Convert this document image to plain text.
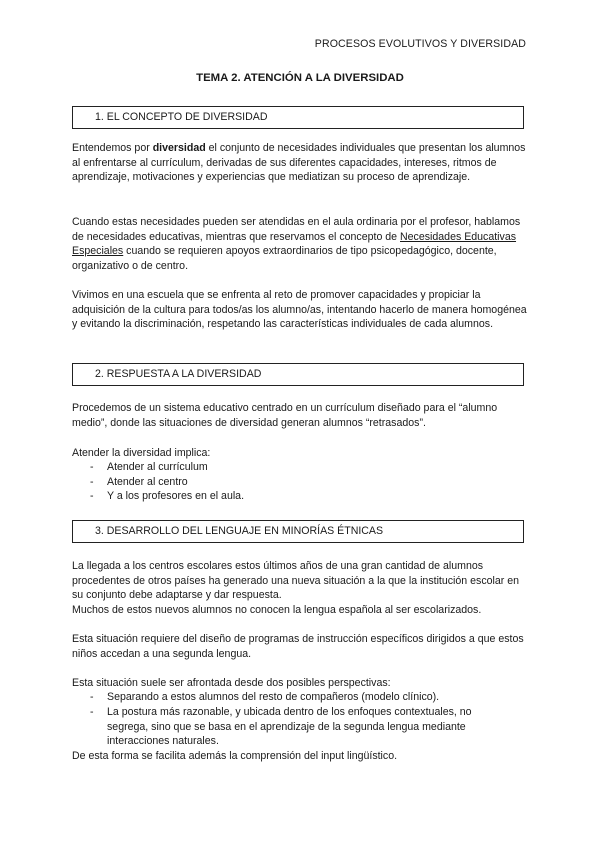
PROCESOS EVOLUTIVOS Y DIVERSIDAD
TEMA 2. ATENCIÓN A LA DIVERSIDAD
1. EL CONCEPTO DE DIVERSIDAD

Entendemos por diversidad el conjunto de necesidades individuales que presentan los alumnos al enfrentarse al currículum, derivadas de sus diferentes capacidades, intereses, ritmos de aprendizaje, motivaciones y experiencias que mediatizan su proceso de aprendizaje.

Cuando estas necesidades pueden ser atendidas en el aula ordinaria por el profesor, hablamos de necesidades educativas, mientras que reservamos el concepto de Necesidades Educativas Especiales cuando se requieren apoyos extraordinarios de tipo psicopedagógico, docente, organizativo o de centro.

Vivimos en una escuela que se enfrenta al reto de promover capacidades y propiciar la adquisición de la cultura para todos/as los alumno/as, intentando hacerlo de manera homogénea y evitando la discriminación, respetando las características individuales de cada alumnos.

2. RESPUESTA A LA DIVERSIDAD

Procedemos de un sistema educativo centrado en un currículum diseñado para el “alumno medio”, donde las situaciones de diversidad generan alumnos “retrasados”.

Atender la diversidad implica:

- Atender al currículum
- Atender al centro
- Y a los profesores en el aula.
3. DESARROLLO DEL LENGUAJE EN MINORÍAS ÉTNICAS

La llegada a los centros escolares estos últimos años de una gran cantidad de alumnos procedentes de otros países ha generado una nueva situación a la que la institución escolar en su conjunto debe adaptarse y dar respuesta.

Muchos de estos nuevos alumnos no conocen la lengua española al ser escolarizados.

Esta situación requiere del diseño de programas de instrucción específicos dirigidos a que estos niños accedan a una segunda lengua.

Esta situación suele ser afrontada desde dos posibles perspectivas:

- Separando a estos alumnos del resto de compañeros (modelo clínico).
- La postura más razonable, y ubicada dentro de los enfoques contextuales, no segrega, sino que se basa en el aprendizaje de la segunda lengua mediante interacciones naturales.

De esta forma se facilita además la comprensión del input lingüístico.
